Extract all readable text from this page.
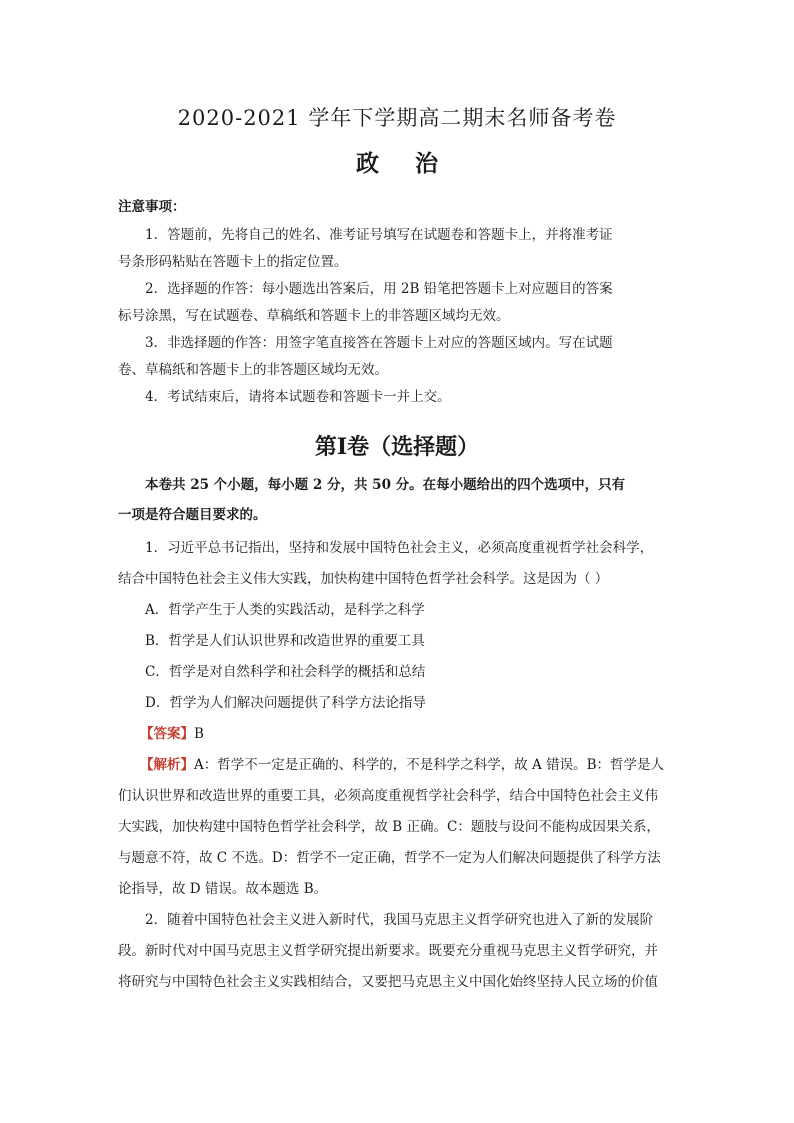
2020-2021 学年下学期高二期末名师备考卷
政 治
注意事项：
1．答题前，先将自己的姓名、准考证号填写在试题卷和答题卡上，并将准考证
号条形码粘贴在答题卡上的指定位置。
2．选择题的作答：每小题选出答案后，用 2B 铅笔把答题卡上对应题目的答案
标号涂黑，写在试题卷、草稿纸和答题卡上的非答题区域均无效。
3．非选择题的作答：用签字笔直接答在答题卡上对应的答题区域内。写在试题
卷、草稿纸和答题卡上的非答题区域均无效。
4．考试结束后，请将本试题卷和答题卡一并上交。
第Ⅰ卷（选择题）
本卷共 25 个小题，每小题 2 分，共 50 分。在每小题给出的四个选项中，只有
一项是符合题目要求的。
1．习近平总书记指出，坚持和发展中国特色社会主义，必须高度重视哲学社会科学，
结合中国特色社会主义伟大实践，加快构建中国特色哲学社会科学。这是因为（ ）
A．哲学产生于人类的实践活动，是科学之科学
B．哲学是人们认识世界和改造世界的重要工具
C．哲学是对自然科学和社会科学的概括和总结
D．哲学为人们解决问题提供了科学方法论指导
【答案】B
【解析】A：哲学不一定是正确的、科学的，不是科学之科学，故 A 错误。B：哲学是人
们认识世界和改造世界的重要工具，必须高度重视哲学社会科学，结合中国特色社会主义伟
大实践，加快构建中国特色哲学社会科学，故 B 正确。C：题肢与设问不能构成因果关系，
与题意不符，故 C 不选。D：哲学不一定正确，哲学不一定为人们解决问题提供了科学方法
论指导，故 D 错误。故本题选 B。
2．随着中国特色社会主义进入新时代，我国马克思主义哲学研究也进入了新的发展阶
段。新时代对中国马克思主义哲学研究提出新要求。既要充分重视马克思主义哲学研究，并
将研究与中国特色社会主义实践相结合，又要把马克思主义中国化始终坚持人民立场的价值
